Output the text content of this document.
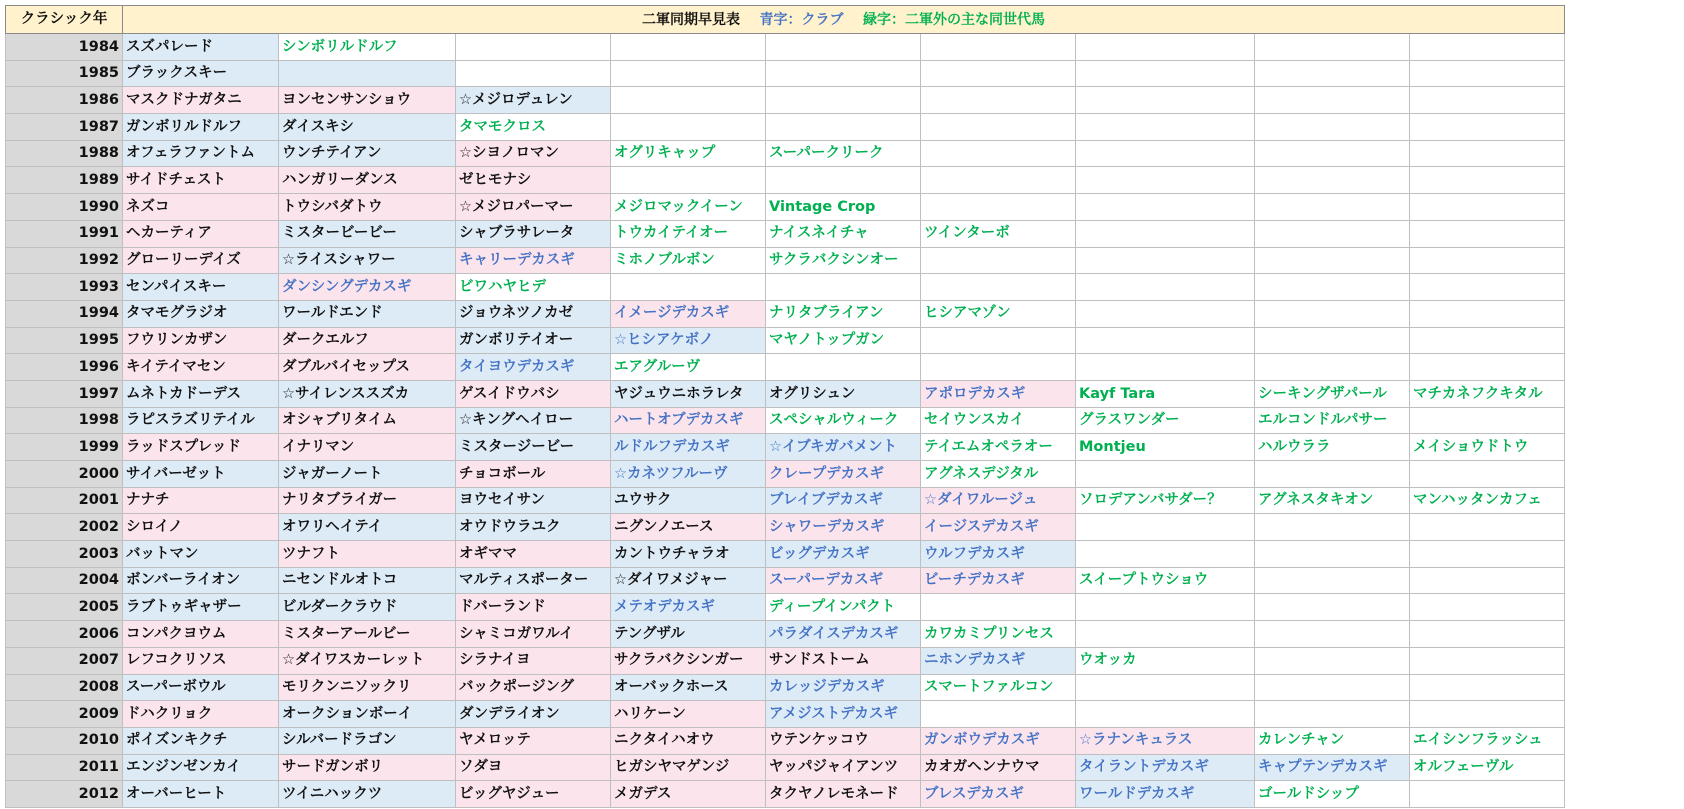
クラシック年	二軍同期早見表 青字：クラブ 緑字：二軍外の主な同世代馬								
1984	スズパレード	シンボリルドルフ							
1985	ブラックスキー								
1986	マスクドナガタニ	ヨンセンサンショウ	☆メジロデュレン						
1987	ガンボリルドルフ	ダイスキシ	タマモクロス						
1988	オフェラファントム	ウンチテイアン	☆シヨノロマン	オグリキャップ	スーパークリーク				
1989	サイドチェスト	ハンガリーダンス	ゼヒモナシ						
1990	ネズコ	トウシバダトウ	☆メジロパーマー	メジロマックイーン	Vintage Crop				
1991	ヘカーティア	ミスタービービー	シャブラサレータ	トウカイテイオー	ナイスネイチャ	ツインターボ			
1992	グローリーデイズ	☆ライスシャワー	キャリーデカスギ	ミホノブルボン	サクラバクシンオー				
1993	センパイスキー	ダンシングデカスギ	ビワハヤヒデ						
1994	タマモグラジオ	ワールドエンド	ジョウネツノカゼ	イメージデカスギ	ナリタブライアン	ヒシアマゾン			
1995	フウリンカザン	ダークエルフ	ガンボリテイオー	☆ヒシアケボノ	マヤノトップガン				
1996	キイテイマセン	ダブルバイセップス	タイヨウデカスギ	エアグルーヴ					
1997	ムネトカドーデス	☆サイレンススズカ	ゲスイドウバシ	ヤジュウニホラレタ	オグリシュン	アポロデカスギ	Kayf Tara	シーキングザパール	マチカネフクキタル
1998	ラピスラズリテイル	オシャブリタイム	☆キングヘイロー	ハートオブデカスギ	スペシャルウィーク	セイウンスカイ	グラスワンダー	エルコンドルパサー	
1999	ラッドスプレッド	イナリマン	ミスタージービー	ルドルフデカスギ	☆イブキガバメント	テイエムオペラオー	Montjeu	ハルウララ	メイショウドトウ
2000	サイバーゼット	ジャガーノート	チョコボール	☆カネツフルーヴ	クレープデカスギ	アグネスデジタル			
2001	ナナチ	ナリタブライガー	ヨウセイサン	ユウサク	ブレイブデカスギ	☆ダイワルージュ	ソロデアンバサダー？	アグネスタキオン	マンハッタンカフェ
2002	シロイノ	オワリヘイテイ	オウドウラユク	ニグンノエース	シャワーデカスギ	イージスデカスギ			
2003	バットマン	ツナフト	オギママ	カントウチャラオ	ビッグデカスギ	ウルフデカスギ			
2004	ボンバーライオン	ニセンドルオトコ	マルティスポーター	☆ダイワメジャー	スーパーデカスギ	ビーチデカスギ	スイープトウショウ		
2005	ラブトゥギャザー	ビルダークラウド	ドバーランド	メテオデカスギ	ディープインパクト				
2006	コンパクヨウム	ミスターアールビー	シャミコガワルイ	テングザル	パラダイスデカスギ	カワカミプリンセス			
2007	レフコクリソス	☆ダイワスカーレット	シラナイヨ	サクラバクシンガー	サンドストーム	ニホンデカスギ	ウオッカ		
2008	スーパーボウル	モリクンニソックリ	バックポージング	オーバックホース	カレッジデカスギ	スマートファルコン			
2009	ドハクリョク	オークションボーイ	ダンデライオン	ハリケーン	アメジストデカスギ				
2010	ポイズンキクチ	シルバードラゴン	ヤメロッテ	ニクタイハオウ	ウテンケッコウ	ガンボウデカスギ	☆ラナンキュラス	カレンチャン	エイシンフラッシュ
2011	エンジンゼンカイ	サードガンボリ	ソダヨ	ヒガシヤマゲンジ	ヤッパジャイアンツ	カオガヘンナウマ	タイラントデカスギ	キャプテンデカスギ	オルフェーヴル
2012	オーバーヒート	ツイニハックツ	ビッグヤジュー	メガデス	タクヤノレモネード	ブレスデカスギ	ワールドデカスギ	ゴールドシップ	
